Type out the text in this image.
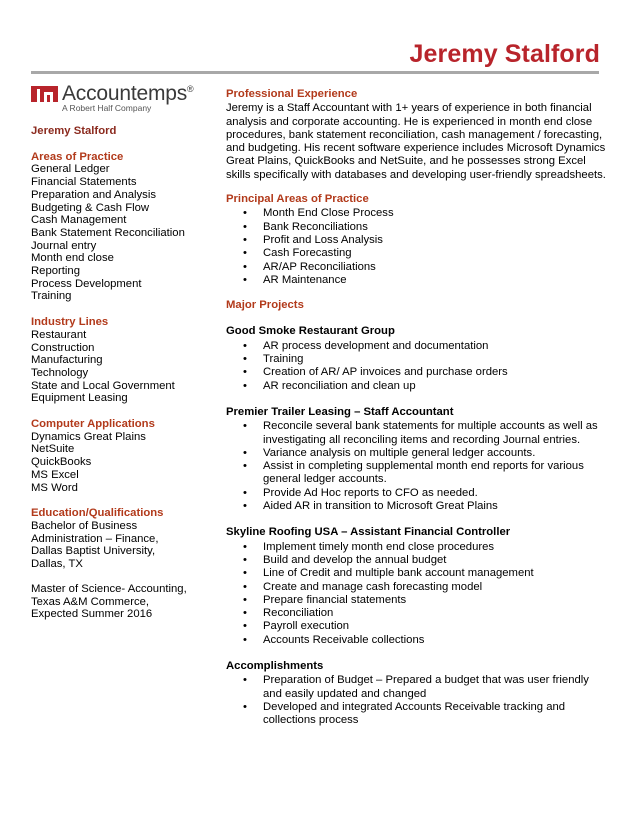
Jeremy Stalford
Accountemps®
A Robert Half Company
Jeremy Stalford
Areas of Practice
General Ledger
Financial Statements
Preparation and Analysis
Budgeting & Cash Flow
Cash Management
Bank Statement Reconciliation
Journal entry
Month end close
Reporting
Process Development
Training
Industry Lines
Restaurant
Construction
Manufacturing
Technology
State and Local Government
Equipment Leasing
Computer Applications
Dynamics Great Plains
NetSuite
QuickBooks
MS Excel
MS Word
Education/Qualifications
Bachelor of Business
Administration – Finance,
Dallas Baptist University,
Dallas, TX
Master of Science- Accounting,
Texas A&M Commerce,
Expected Summer 2016
Professional Experience

Jeremy is a Staff Accountant with 1+ years of experience in both financial analysis and corporate accounting. He is experienced in month end close procedures, bank statement reconciliation, cash management / forecasting, and budgeting. His recent software experience includes Microsoft Dynamics Great Plains, QuickBooks and NetSuite, and he possesses strong Excel skills specifically with databases and developing user-friendly spreadsheets.

Principal Areas of Practice
• Month End Close Process
• Bank Reconciliations
• Profit and Loss Analysis
• Cash Forecasting
• AR/AP Reconciliations
• AR Maintenance
Major Projects
Good Smoke Restaurant Group
• AR process development and documentation
• Training
• Creation of AR/ AP invoices and purchase orders
• AR reconciliation and clean up
Premier Trailer Leasing – Staff Accountant
• Reconcile several bank statements for multiple accounts as well as investigating all reconciling items and recording Journal entries.
• Variance analysis on multiple general ledger accounts.
• Assist in completing supplemental month end reports for various general ledger accounts.
• Provide Ad Hoc reports to CFO as needed.
• Aided AR in transition to Microsoft Great Plains
Skyline Roofing USA – Assistant Financial Controller
• Implement timely month end close procedures
• Build and develop the annual budget
• Line of Credit and multiple bank account management
• Create and manage cash forecasting model
• Prepare financial statements
• Reconciliation
• Payroll execution
• Accounts Receivable collections
Accomplishments
• Preparation of Budget – Prepared a budget that was user friendly and easily updated and changed
• Developed and integrated Accounts Receivable tracking and collections process
